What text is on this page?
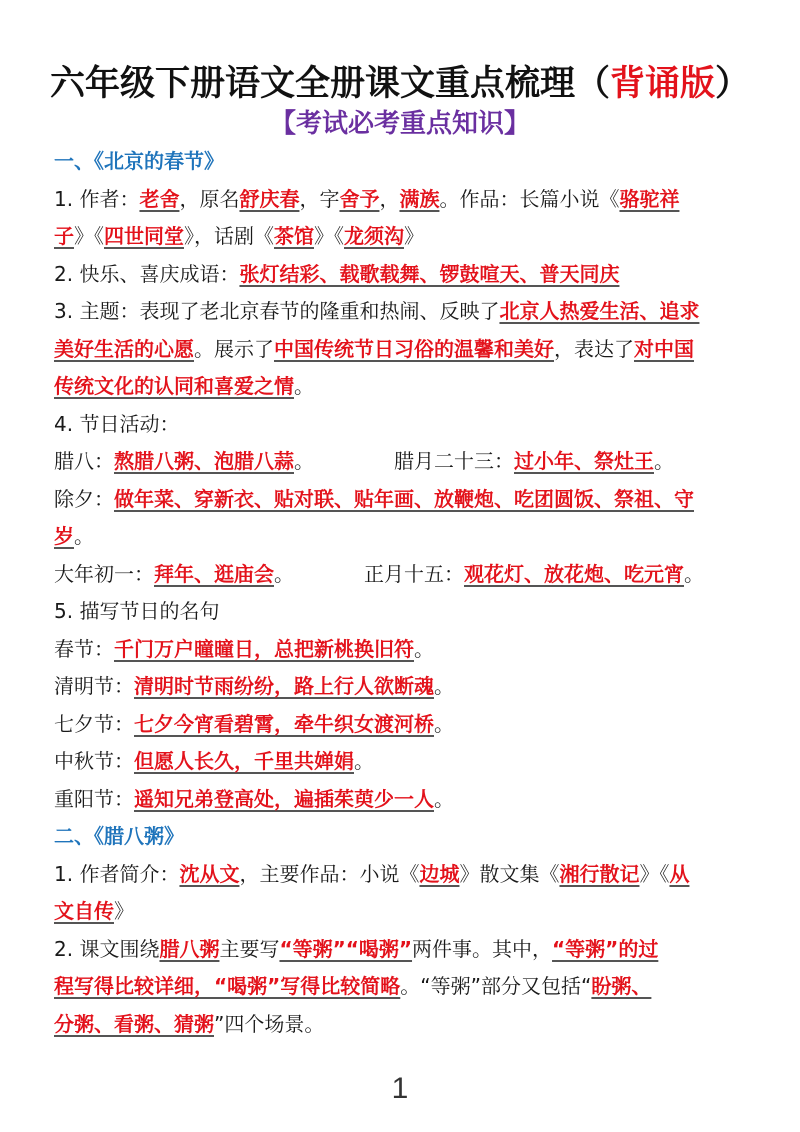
六年级下册语文全册课文重点梳理（背诵版）
【考试必考重点知识】
一、《北京的春节》
1. 作者：老舍，原名舒庆春，字舍予，满族。作品：长篇小说《骆驼祥
子》《四世同堂》，话剧《茶馆》《龙须沟》
2. 快乐、喜庆成语：张灯结彩、载歌载舞、锣鼓喧天、普天同庆
3. 主题：表现了老北京春节的隆重和热闹、反映了北京人热爱生活、追求
美好生活的心愿。展示了中国传统节日习俗的温馨和美好，表达了对中国
传统文化的认同和喜爱之情。
4. 节日活动：
腊八：熬腊八粥、泡腊八蒜。	腊月二十三：过小年、祭灶王。
除夕：做年菜、穿新衣、贴对联、贴年画、放鞭炮、吃团圆饭、祭祖、守
岁。
大年初一：拜年、逛庙会。	正月十五：观花灯、放花炮、吃元宵。
5. 描写节日的名句
春节：千门万户曈曈日，总把新桃换旧符。
清明节：清明时节雨纷纷，路上行人欲断魂。
七夕节：七夕今宵看碧霄，牵牛织女渡河桥。
中秋节：但愿人长久，千里共婵娟。
重阳节：遥知兄弟登高处，遍插茱萸少一人。
二、《腊八粥》
1. 作者简介：沈从文，主要作品：小说《边城》散文集《湘行散记》《从
文自传》
2. 课文围绕腊八粥主要写“等粥”“喝粥”两件事。其中，“等粥”的过
程写得比较详细，“喝粥”写得比较简略。“等粥”部分又包括“盼粥、
分粥、看粥、猜粥”四个场景。
1
